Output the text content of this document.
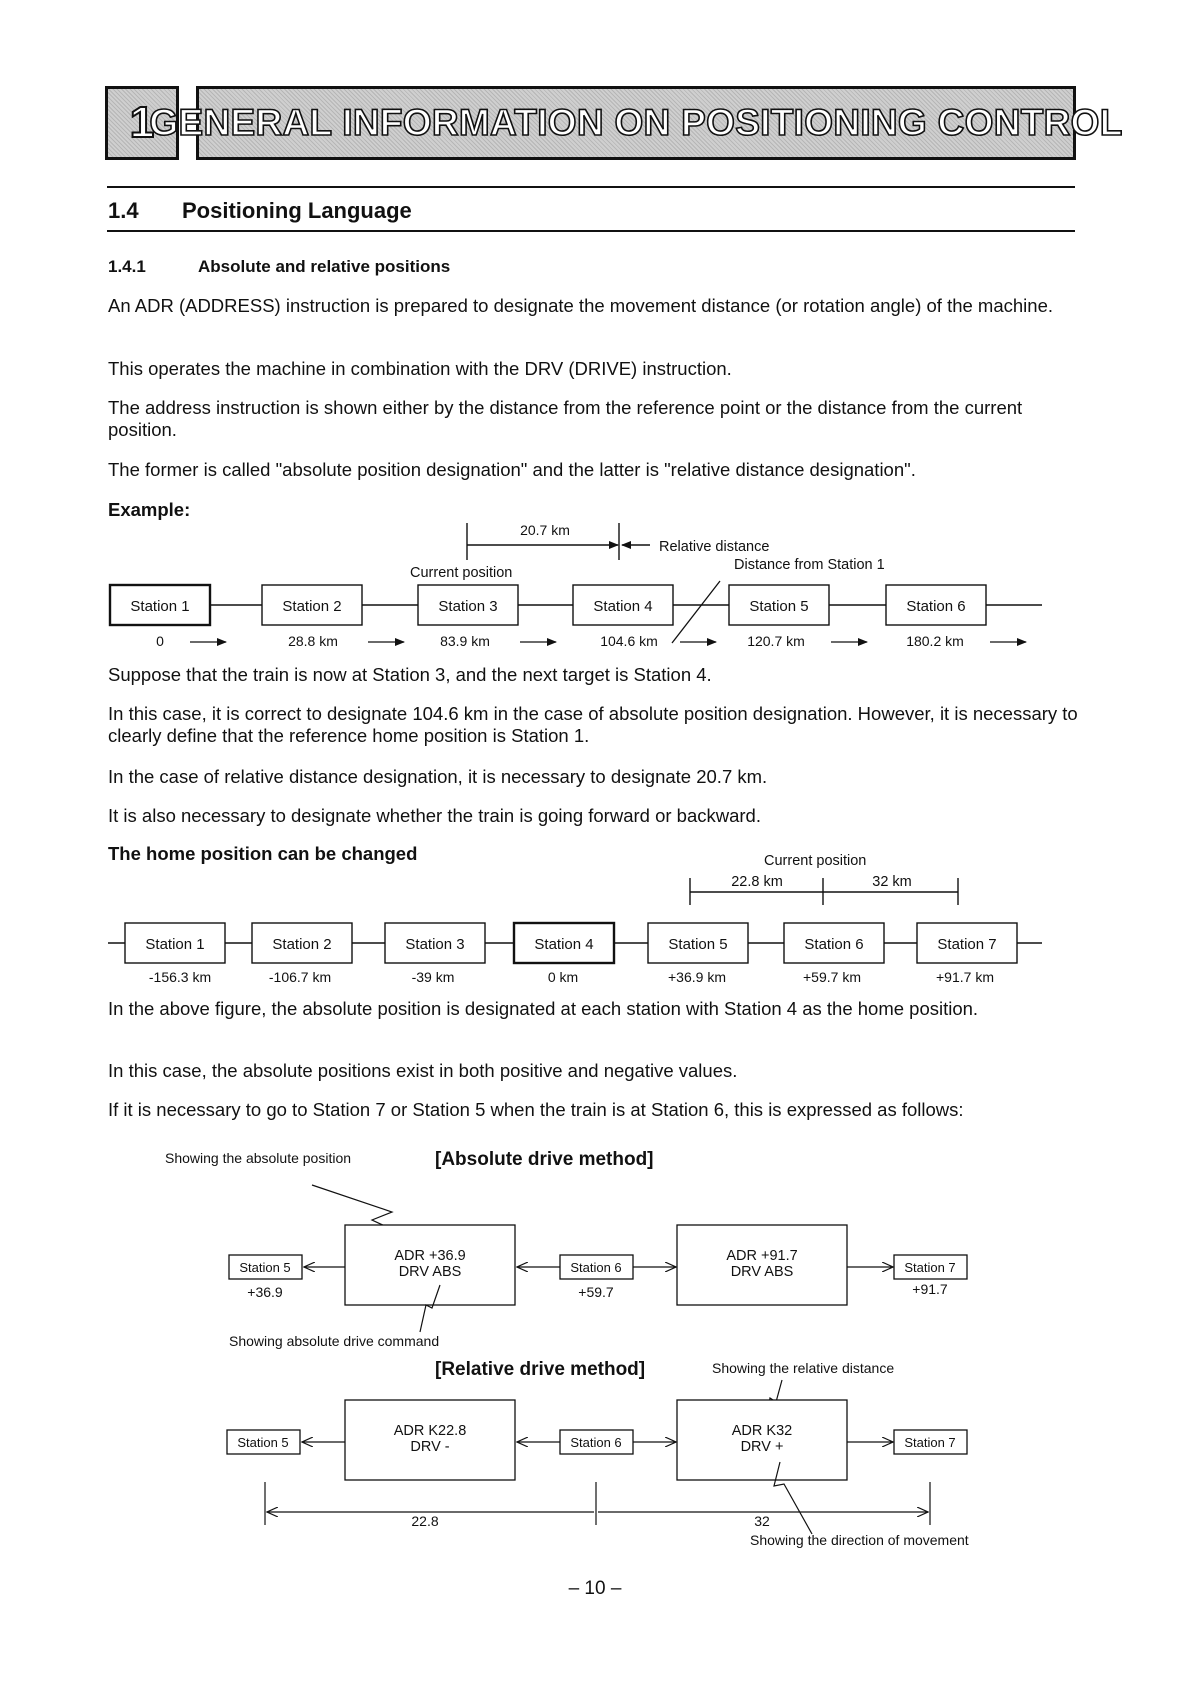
1
GENERAL INFORMATION ON POSITIONING CONTROL
1.4 Positioning Language
1.4.1	Absolute and relative positions
An ADR (ADDRESS) instruction is prepared to designate the movement distance (or rotation angle) of the machine.
This operates the machine in combination with the DRV (DRIVE) instruction.
The address instruction is shown either by the distance from the reference point or the distance from the current position.
The former is called "absolute position designation" and the latter is "relative distance designation".
Example:
20.7 km
Relative distance
Current position	Distance from Station 1
Station 1	Station 2	Station 3	Station 4	Station 5	Station 6
0	28.8 km	83.9 km	104.6 km	120.7 km	180.2 km
Suppose that the train is now at Station 3, and the next target is Station 4.
In this case, it is correct to designate 104.6 km in the case of absolute position designation. However, it is necessary to clearly define that the reference home position is Station 1.
In the case of relative distance designation, it is necessary to designate 20.7 km.
It is also necessary to designate whether the train is going forward or backward.
The home position can be changed	Current position
22.8 km	32 km
Station 1	Station 2	Station 3	Station 4	Station 5	Station 6	Station 7
-156.3 km	-106.7 km	-39 km	0 km	+36.9 km	+59.7 km	+91.7 km
In the above figure, the absolute position is designated at each station with Station 4 as the home position.
In this case, the absolute positions exist in both positive and negative values.
If it is necessary to go to Station 7 or Station 5 when the train is at Station 6, this is expressed as follows:
Showing the absolute position	[Absolute drive method]
Station 5
+36.9
ADR +36.9
DRV ABS	Station 6
+59.7
ADR +91.7
DRV ABS	Station 7
+91.7
Showing absolute drive command
[Relative drive method]	Showing the relative distance
Station 5
ADR K22.8
DRV -	Station 6
ADR K32
DRV +	Station 7
22.8	32
Showing the direction of movement
– 10 –
